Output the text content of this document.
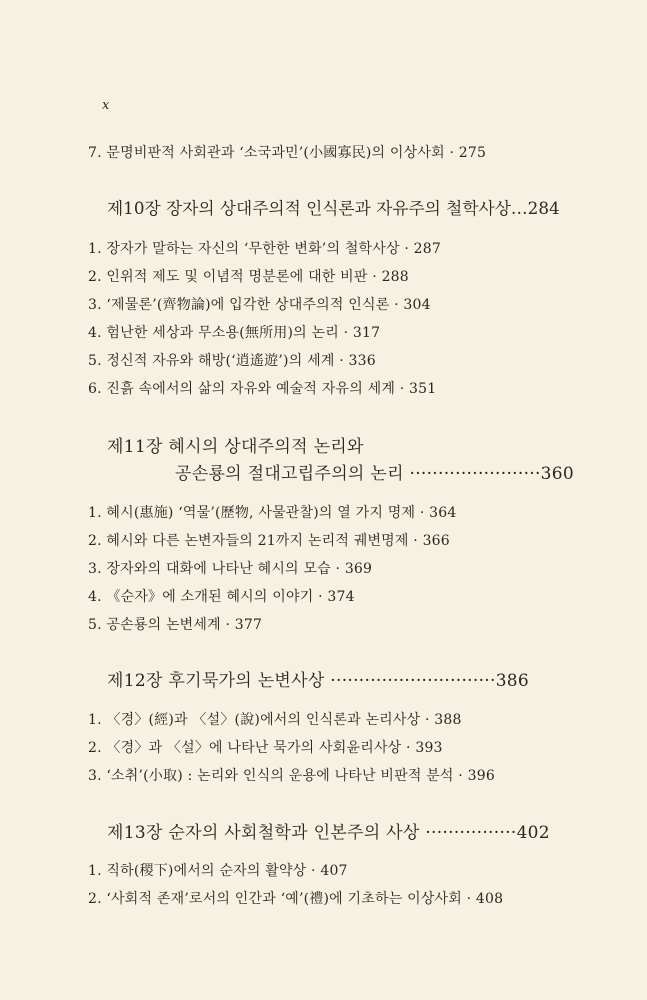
x
7. 문명비판적 사회관과 ‘소국과민’(小國寡民)의 이상사회 · 275
제10장 장자의 상대주의적 인식론과 자유주의 철학사상…284
1. 장자가 말하는 자신의 ‘무한한 변화’의 철학사상 · 287
2. 인위적 제도 및 이념적 명분론에 대한 비판 · 288
3. ‘제물론’(齊物論)에 입각한 상대주의적 인식론 · 304
4. 험난한 세상과 무소용(無所用)의 논리 · 317
5. 정신적 자유와 해방(‘逍遙遊’)의 세계 · 336
6. 진흙 속에서의 삶의 자유와 예술적 자유의 세계 · 351
제11장 혜시의 상대주의적 논리와
공손룡의 절대고립주의의 논리 ·······················360
1. 혜시(惠施) ‘역물’(歷物, 사물관찰)의 열 가지 명제 · 364
2. 혜시와 다른 논변자들의 21까지 논리적 궤변명제 · 366
3. 장자와의 대화에 나타난 혜시의 모습 · 369
4. 《순자》에 소개된 혜시의 이야기 · 374
5. 공손룡의 논변세계 · 377
제12장 후기묵가의 논변사상 ·····························386
1. 〈경〉(經)과 〈설〉(說)에서의 인식론과 논리사상 · 388
2. 〈경〉과 〈설〉에 나타난 묵가의 사회윤리사상 · 393
3. ‘소취’(小取) : 논리와 인식의 운용에 나타난 비판적 분석 · 396
제13장 순자의 사회철학과 인본주의 사상 ················402
1. 직하(稷下)에서의 순자의 활약상 · 407
2. ‘사회적 존재’로서의 인간과 ‘예’(禮)에 기초하는 이상사회 · 408
